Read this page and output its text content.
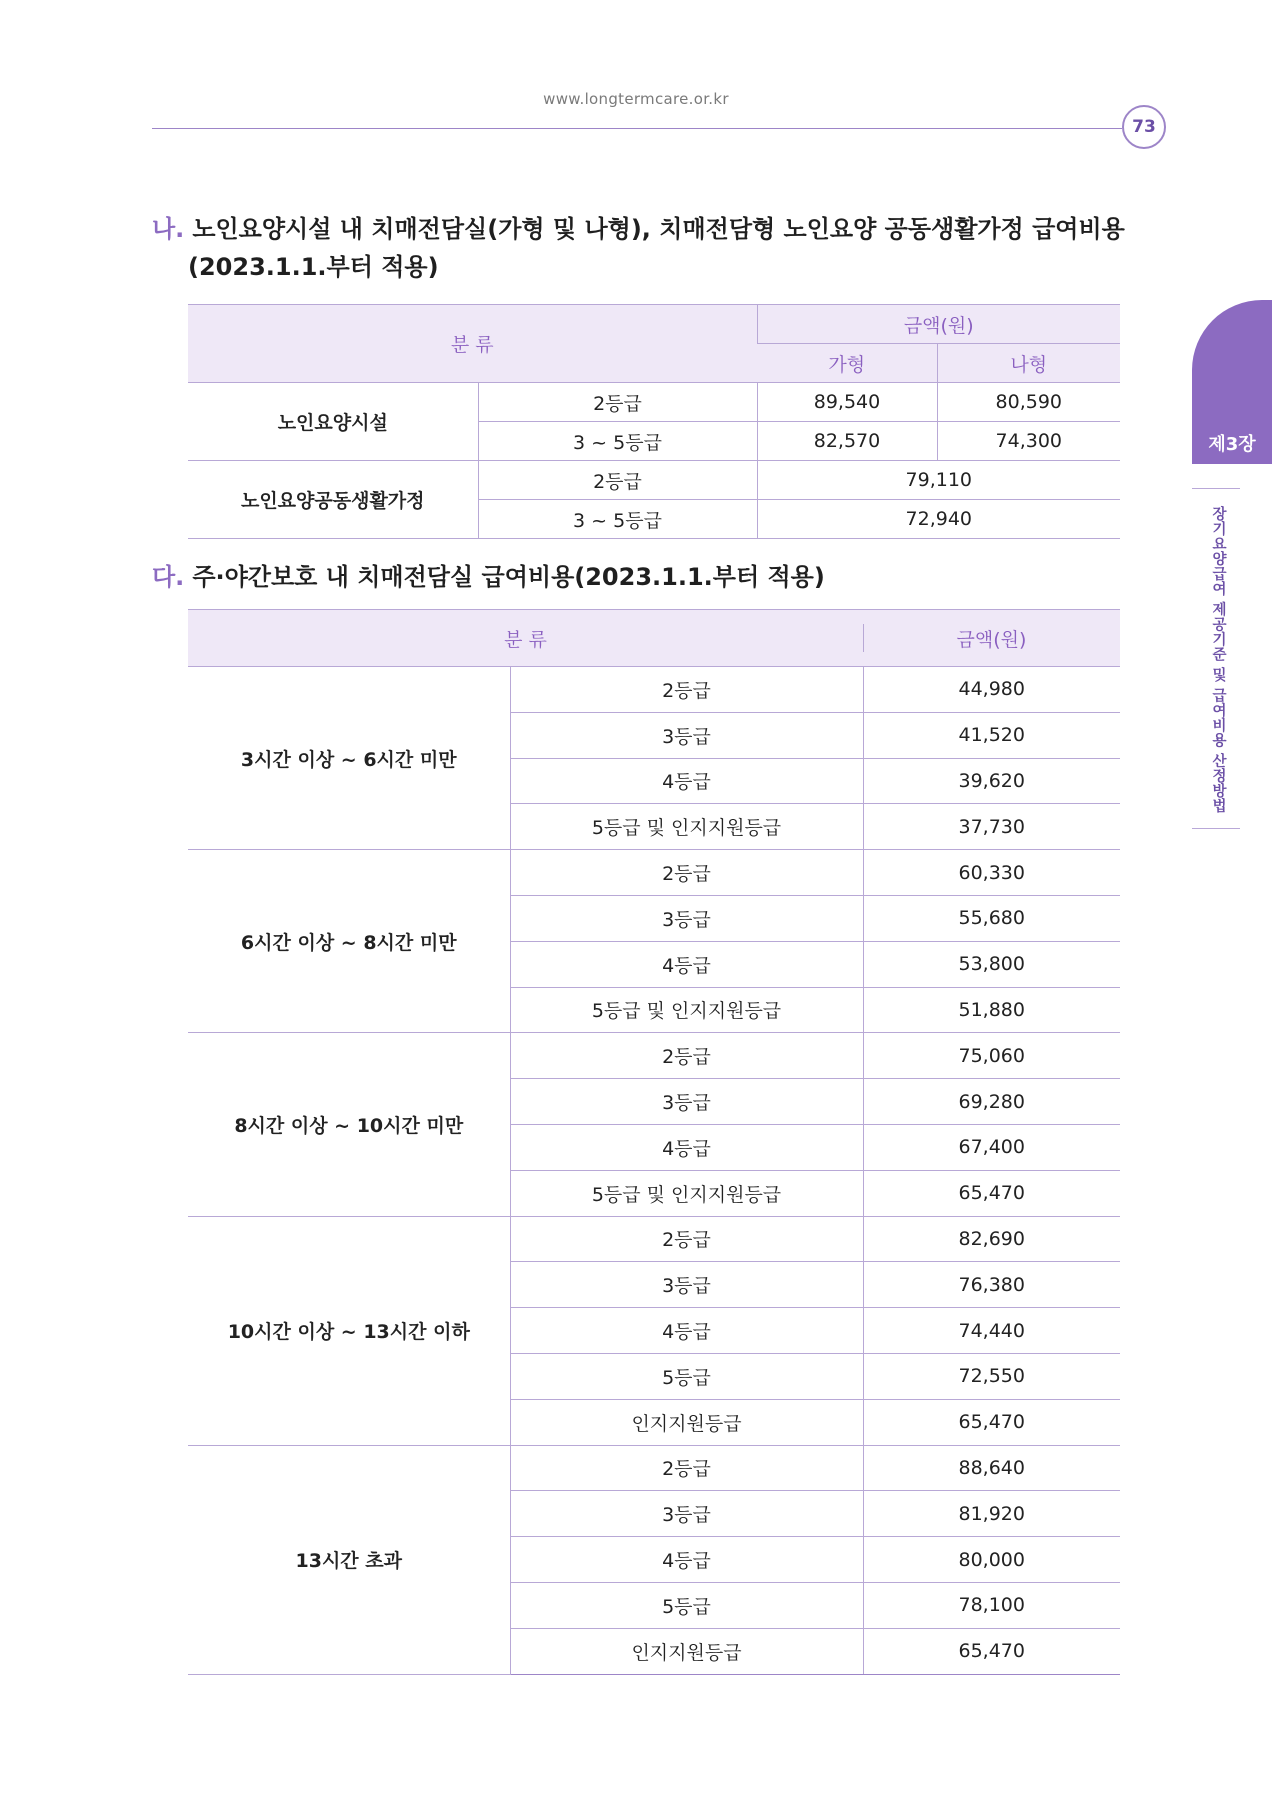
www.longtermcare.or.kr
73
제3장
장기요양급여 제공기준 및 급여비용 산정방법
나. 노인요양시설 내 치매전담실(가형 및 나형), 치매전담형 노인요양 공동생활가정 급여비용
(2023.1.1.부터 적용)
분 류		금액(원)	
		가형	나형
노인요양시설	2등급	89,540	80,590
	3 ~ 5등급	82,570	74,300
노인요양공동생활가정	2등급	79,110	
	3 ~ 5등급	72,940	
다. 주·야간보호 내 치매전담실 급여비용(2023.1.1.부터 적용)
분 류		금액(원)
3시간 이상 ~ 6시간 미만	2등급	44,980
	3등급	41,520
	4등급	39,620
	5등급 및 인지지원등급	37,730
6시간 이상 ~ 8시간 미만	2등급	60,330
	3등급	55,680
	4등급	53,800
	5등급 및 인지지원등급	51,880
8시간 이상 ~ 10시간 미만	2등급	75,060
	3등급	69,280
	4등급	67,400
	5등급 및 인지지원등급	65,470
10시간 이상 ~ 13시간 이하	2등급	82,690
	3등급	76,380
	4등급	74,440
	5등급	72,550
	인지지원등급	65,470
13시간 초과	2등급	88,640
	3등급	81,920
	4등급	80,000
	5등급	78,100
	인지지원등급	65,470
